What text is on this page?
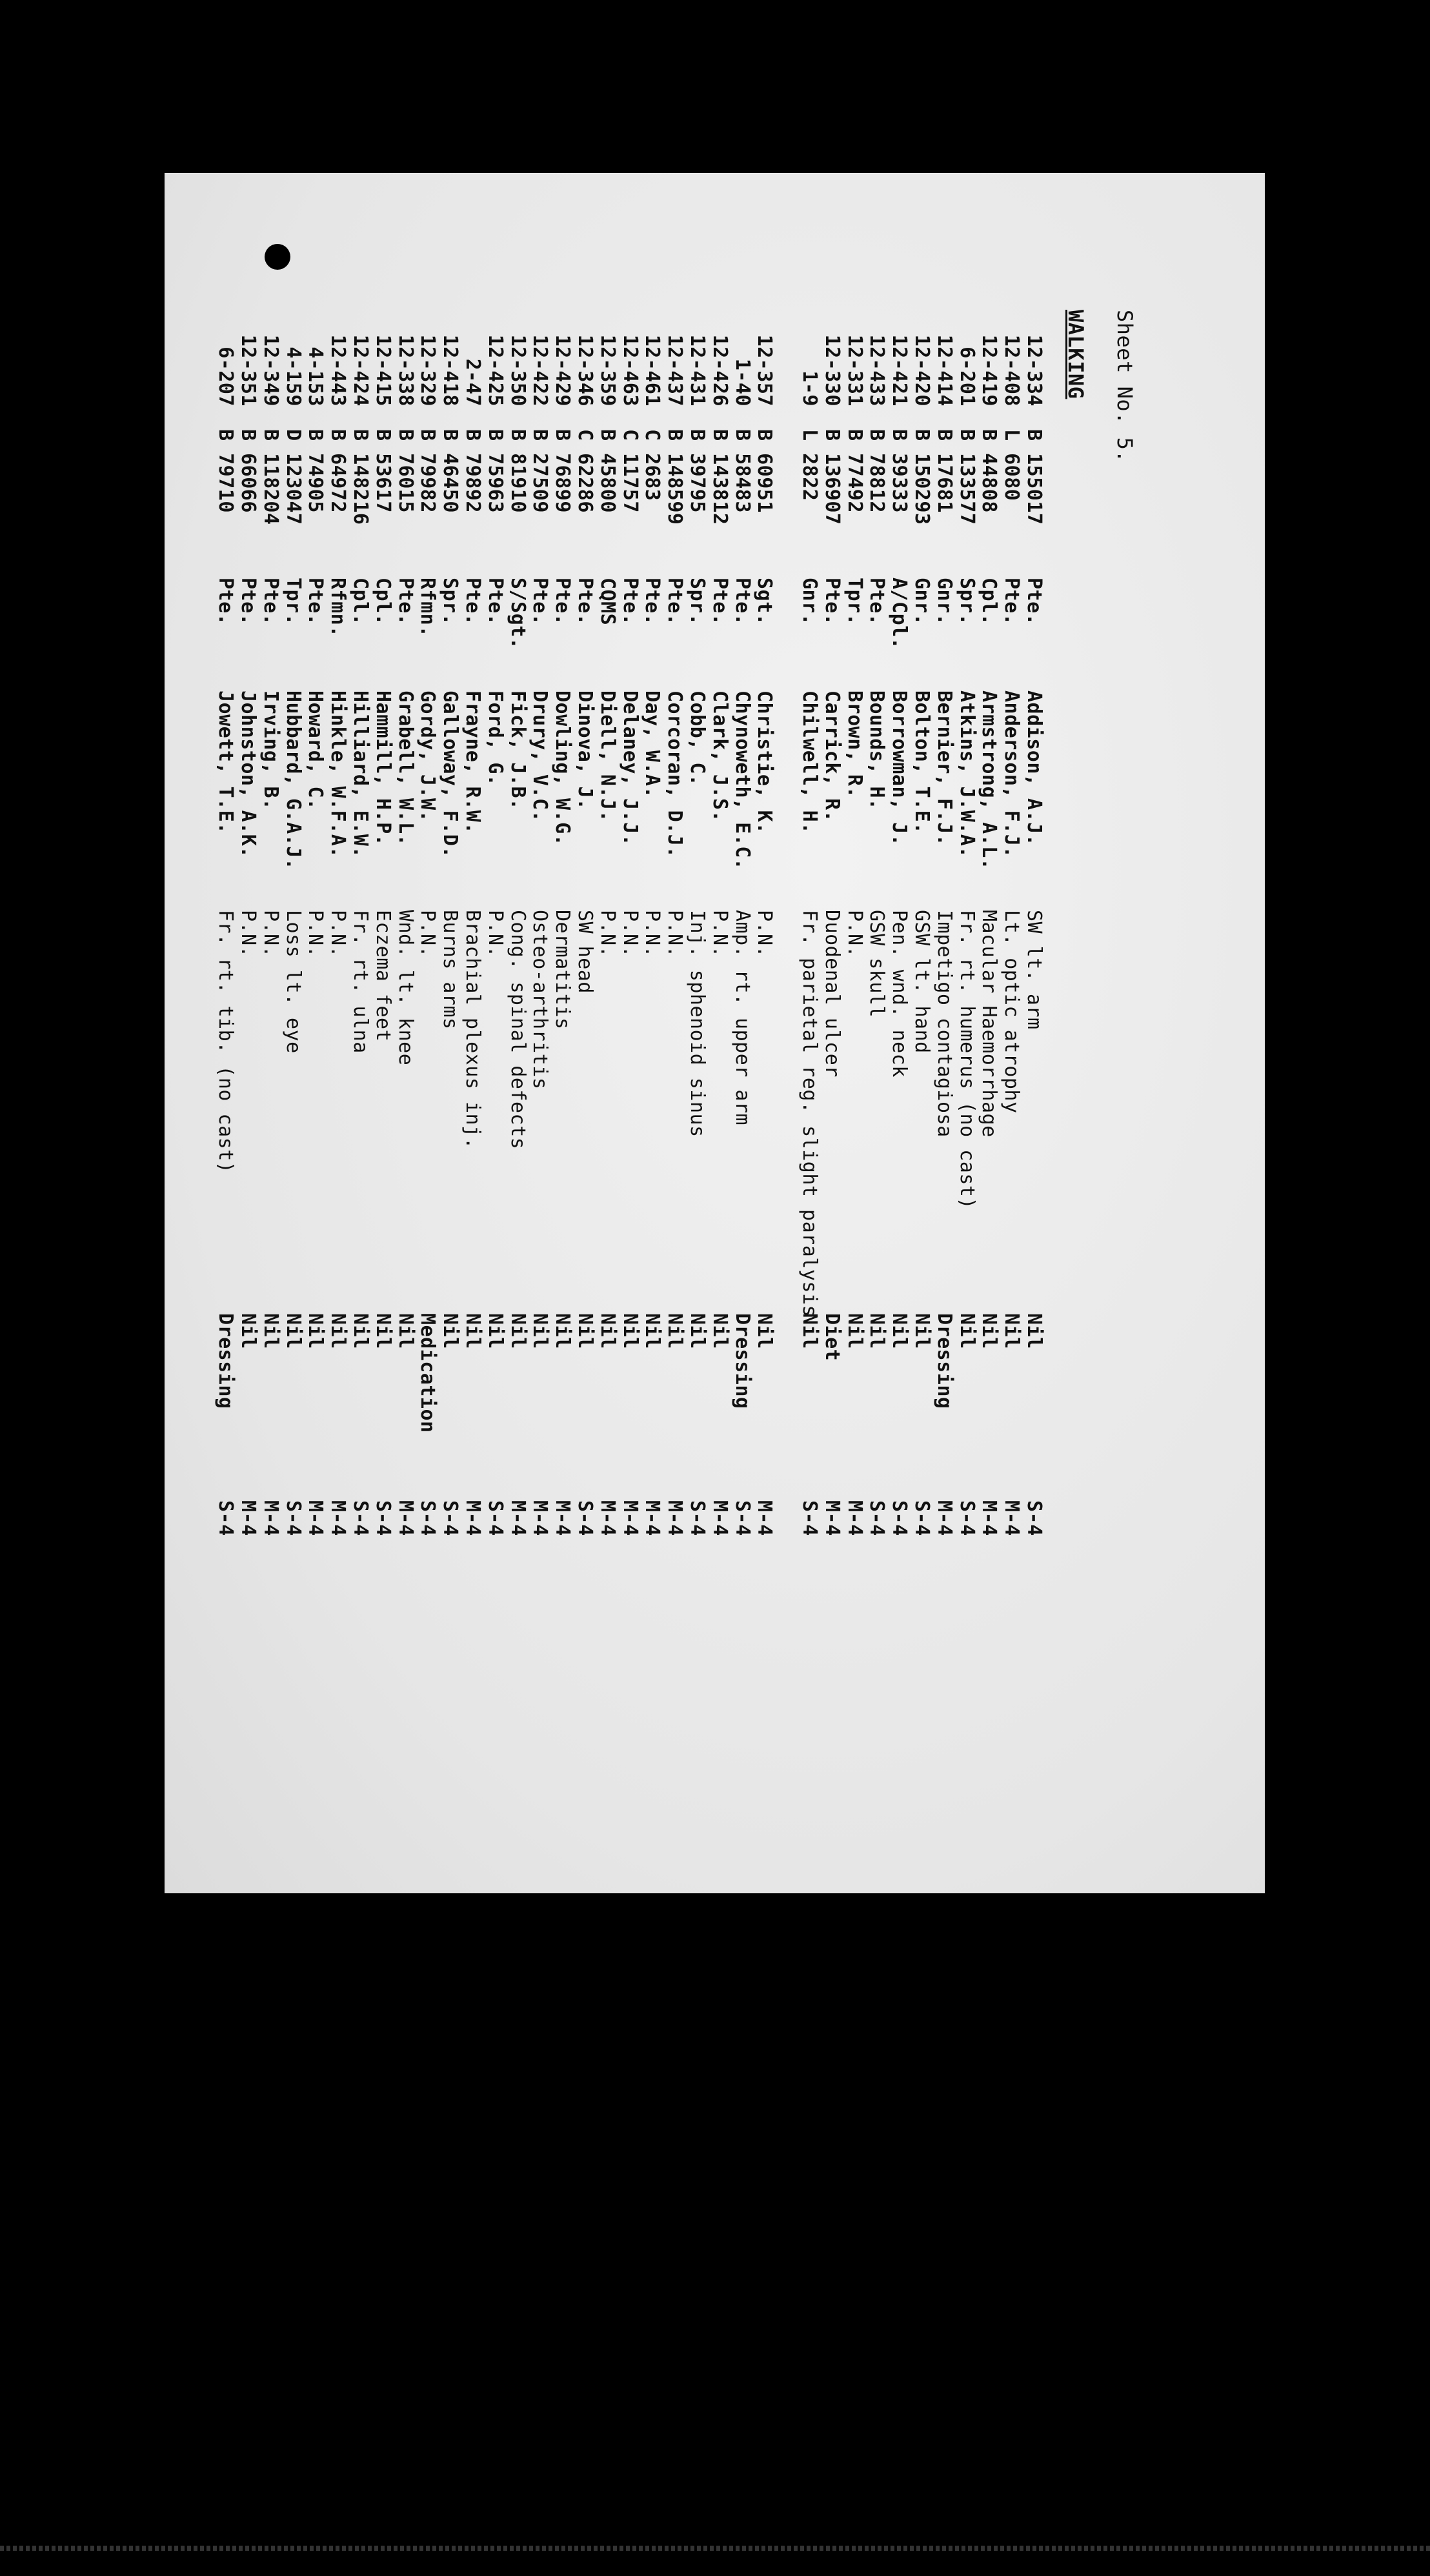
Sheet No. 5.
WALKING
12-334
B 155017
Pte.
Addison, A.J.
SW lt. arm
Nil
S-4
12-408
L 6080
Pte.
Anderson, F.J.
Lt. optic atrophy
Nil
M-4
12-419
B 44808
Cpl.
Armstrong, A.L.
Macular Haemorrhage
Nil
M-4
6-201
B 133577
Spr.
Atkins, J.W.A.
Fr. rt. humerus (no cast)
Nil
S-4
12-414
B 17681
Gnr.
Bernier, F.J.
Impetigo contagiosa
Dressing
M-4
12-420
B 150293
Gnr.
Bolton, T.E.
GSW lt. hand
Nil
S-4
12-421
B 39333
A/Cpl.
Borrowman, J.
Pen. wnd. neck
Nil
S-4
12-433
B 78812
Pte.
Bounds, H.
GSW skull
Nil
S-4
12-331
B 77492
Tpr.
Brown, R.
P.N.
Nil
M-4
12-330
B 136907
Pte.
Carrick, R.
Duodenal ulcer
Diet
M-4
1-9
L 2822
Gnr.
Chilwell, H.
Fr. parietal reg. slight paralysis
Nil
S-4
12-357
B 60951
Sgt.
Christie, K.
P.N.
Nil
M-4
1-40
B 58483
Pte.
Chynoweth, E.C.
Amp. rt. upper arm
Dressing
S-4
12-426
B 143812
Pte.
Clark, J.S.
P.N.
Nil
M-4
12-431
B 39795
Spr.
Cobb, C.
Inj. sphenoid sinus
Nil
S-4
12-437
B 148599
Pte.
Corcoran, D.J.
P.N.
Nil
M-4
12-461
C 2683
Pte.
Day, W.A.
P.N.
Nil
M-4
12-463
C 11757
Pte.
Delaney, J.J.
P.N.
Nil
M-4
12-359
B 45800
CQMS
Diell, N.J.
P.N.
Nil
M-4
12-346
C 62286
Pte.
Dinova, J.
SW head
Nil
S-4
12-429
B 76899
Pte.
Dowling, W.G.
Dermatitis
Nil
M-4
12-422
B 27509
Pte.
Drury, V.C.
Osteo-arthritis
Nil
M-4
12-350
B 81910
S/Sgt.
Fick, J.B.
Cong. spinal defects
Nil
M-4
12-425
B 75963
Pte.
Ford, G.
P.N.
Nil
S-4
2-47
B 79892
Pte.
Frayne, R.W.
Brachial plexus inj.
Nil
M-4
12-418
B 46450
Spr.
Galloway, F.D.
Burns arms
Nil
S-4
12-329
B 79982
Rfmn.
Gordy, J.W.
P.N.
Medication
S-4
12-338
B 76015
Pte.
Grabell, W.L.
Wnd. lt. knee
Nil
M-4
12-415
B 53617
Cpl.
Hammill, H.P.
Eczema feet
Nil
S-4
12-424
B 148216
Cpl.
Hilliard, E.W.
Fr. rt. ulna
Nil
S-4
12-443
B 64972
Rfmn.
Hinkle, W.F.A.
P.N.
Nil
M-4
4-153
B 74905
Pte.
Howard, C.
P.N.
Nil
M-4
4-159
D 123047
Tpr.
Hubbard, G.A.J.
Loss lt. eye
Nil
S-4
12-349
B 118204
Pte.
Irving, B.
P.N.
Nil
M-4
12-351
B 66066
Pte.
Johnston, A.K.
P.N.
Nil
M-4
6-207
B 79710
Pte.
Jowett, T.E.
Fr. rt. tib. (no cast)
Dressing
S-4
